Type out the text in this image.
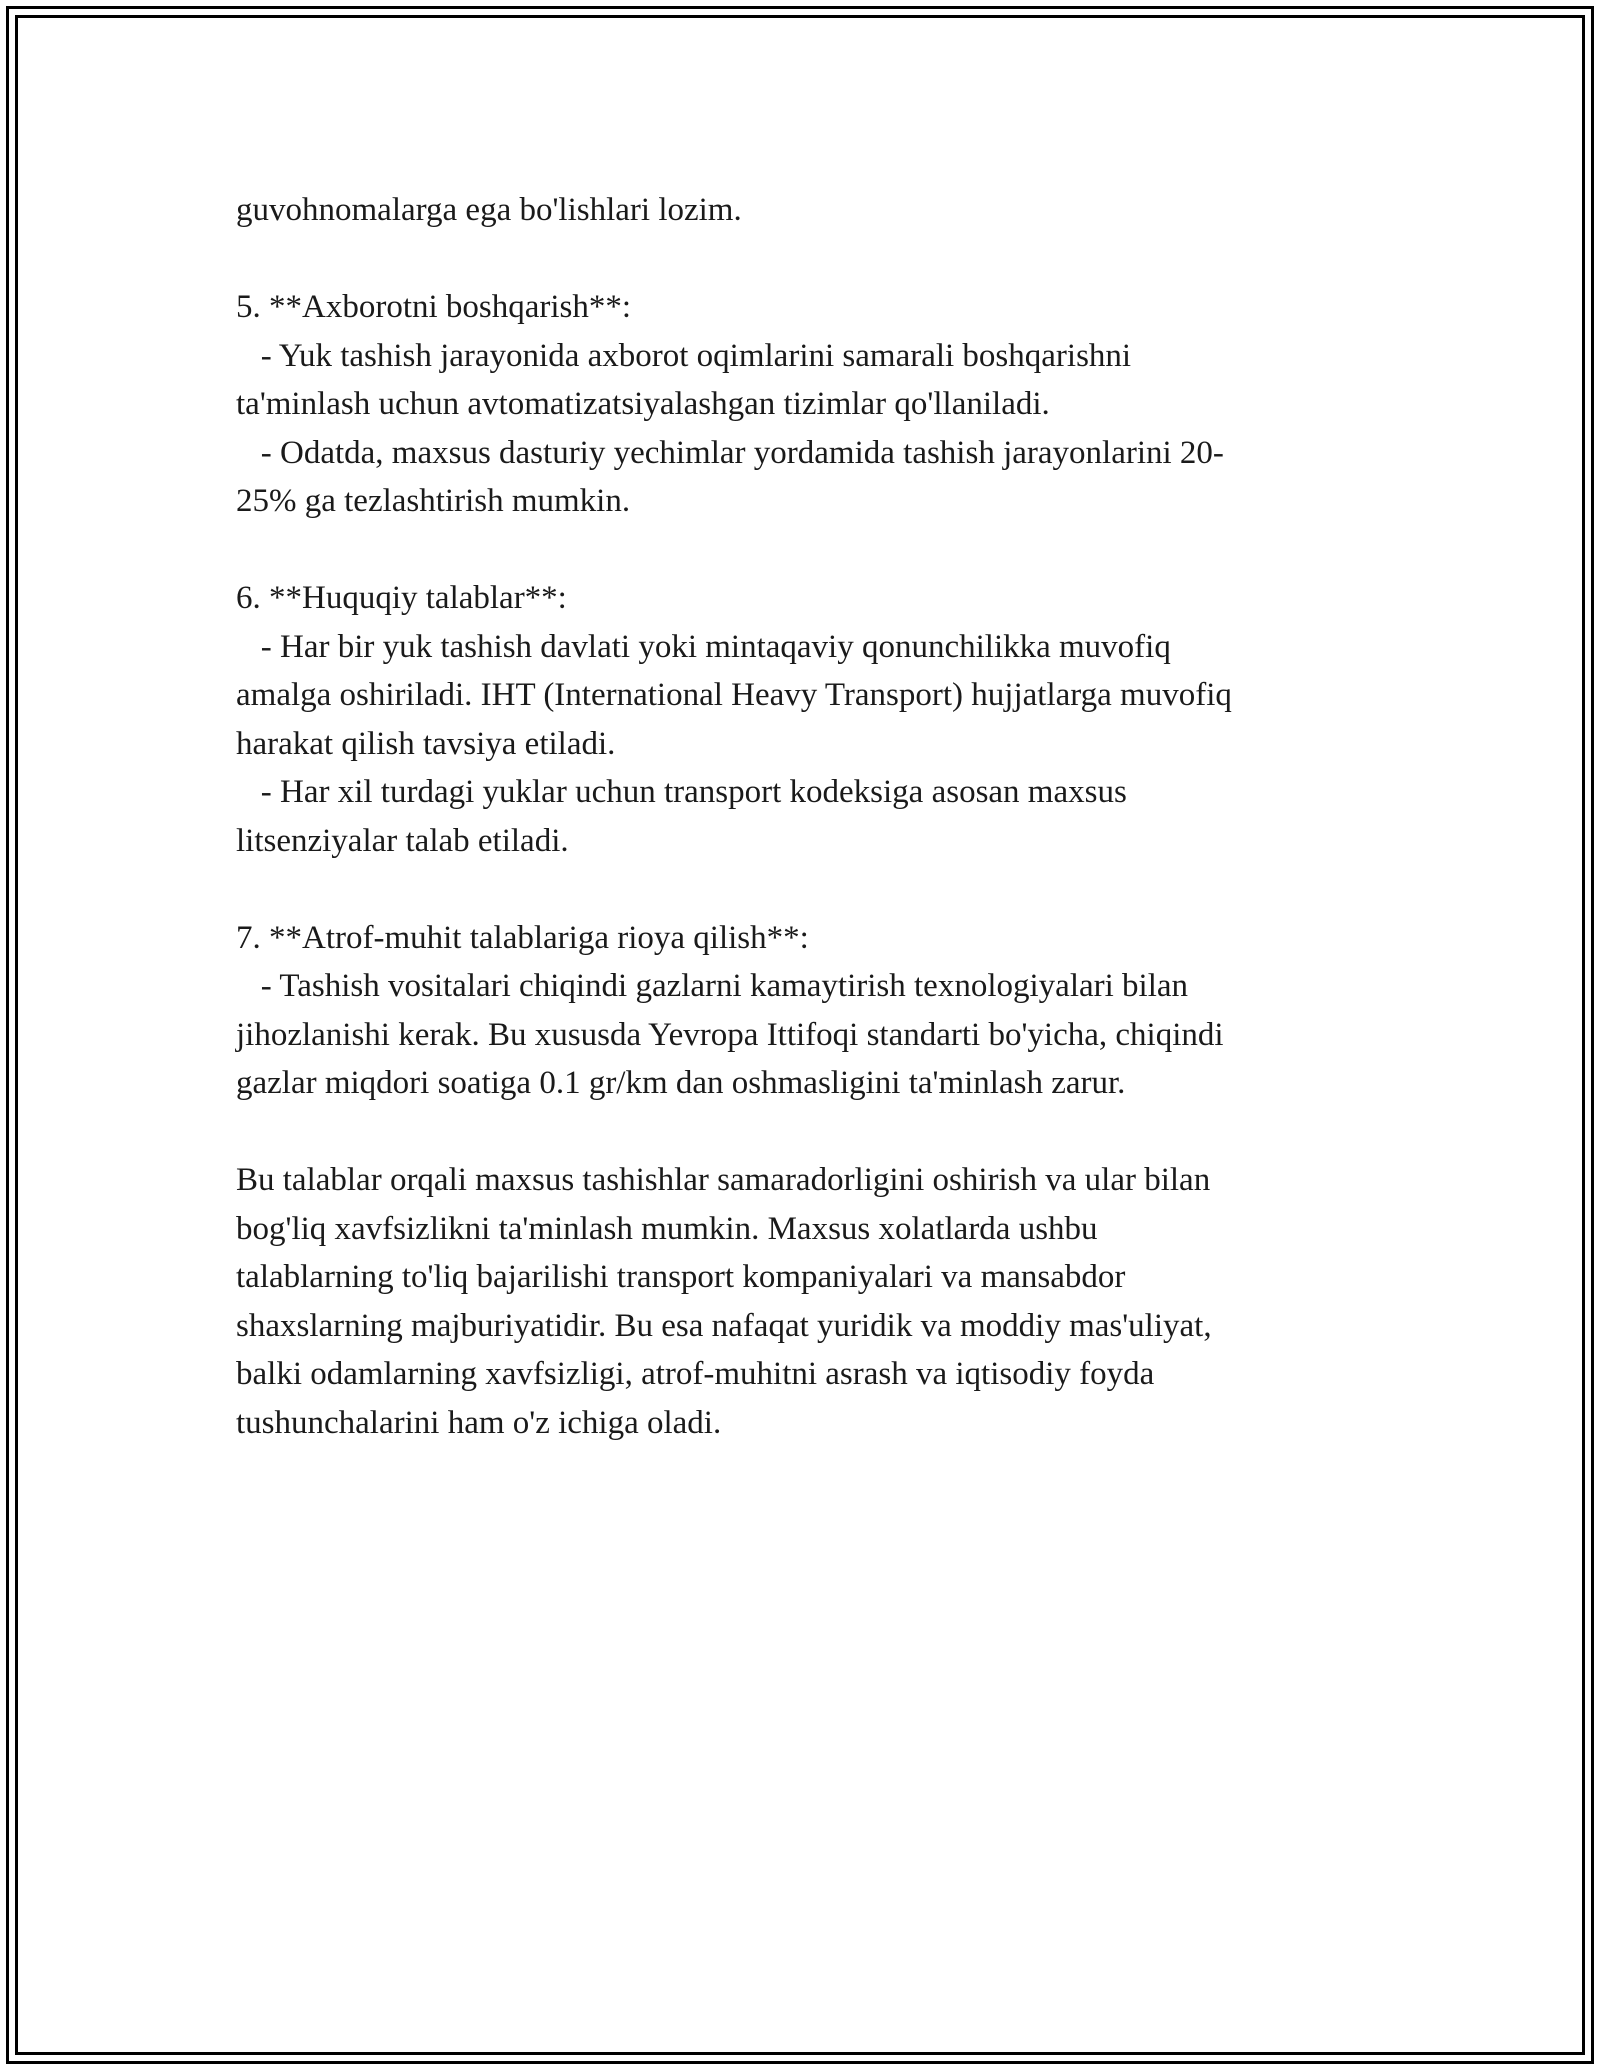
guvohnomalarga ega bo'lishlari lozim.
5. **Axborotni boshqarish**:
- Yuk tashish jarayonida axborot oqimlarini samarali boshqarishni
ta'minlash uchun avtomatizatsiyalashgan tizimlar qo'llaniladi.
- Odatda, maxsus dasturiy yechimlar yordamida tashish jarayonlarini 20-
25% ga tezlashtirish mumkin.
6. **Huquqiy talablar**:
- Har bir yuk tashish davlati yoki mintaqaviy qonunchilikka muvofiq
amalga oshiriladi. IHT (International Heavy Transport) hujjatlarga muvofiq
harakat qilish tavsiya etiladi.
- Har xil turdagi yuklar uchun transport kodeksiga asosan maxsus
litsenziyalar talab etiladi.
7. **Atrof-muhit talablariga rioya qilish**:
- Tashish vositalari chiqindi gazlarni kamaytirish texnologiyalari bilan
jihozlanishi kerak. Bu xususda Yevropa Ittifoqi standarti bo'yicha, chiqindi
gazlar miqdori soatiga 0.1 gr/km dan oshmasligini ta'minlash zarur.
Bu talablar orqali maxsus tashishlar samaradorligini oshirish va ular bilan
bog'liq xavfsizlikni ta'minlash mumkin. Maxsus xolatlarda ushbu
talablarning to'liq bajarilishi transport kompaniyalari va mansabdor
shaxslarning majburiyatidir. Bu esa nafaqat yuridik va moddiy mas'uliyat,
balki odamlarning xavfsizligi, atrof-muhitni asrash va iqtisodiy foyda
tushunchalarini ham o'z ichiga oladi.
